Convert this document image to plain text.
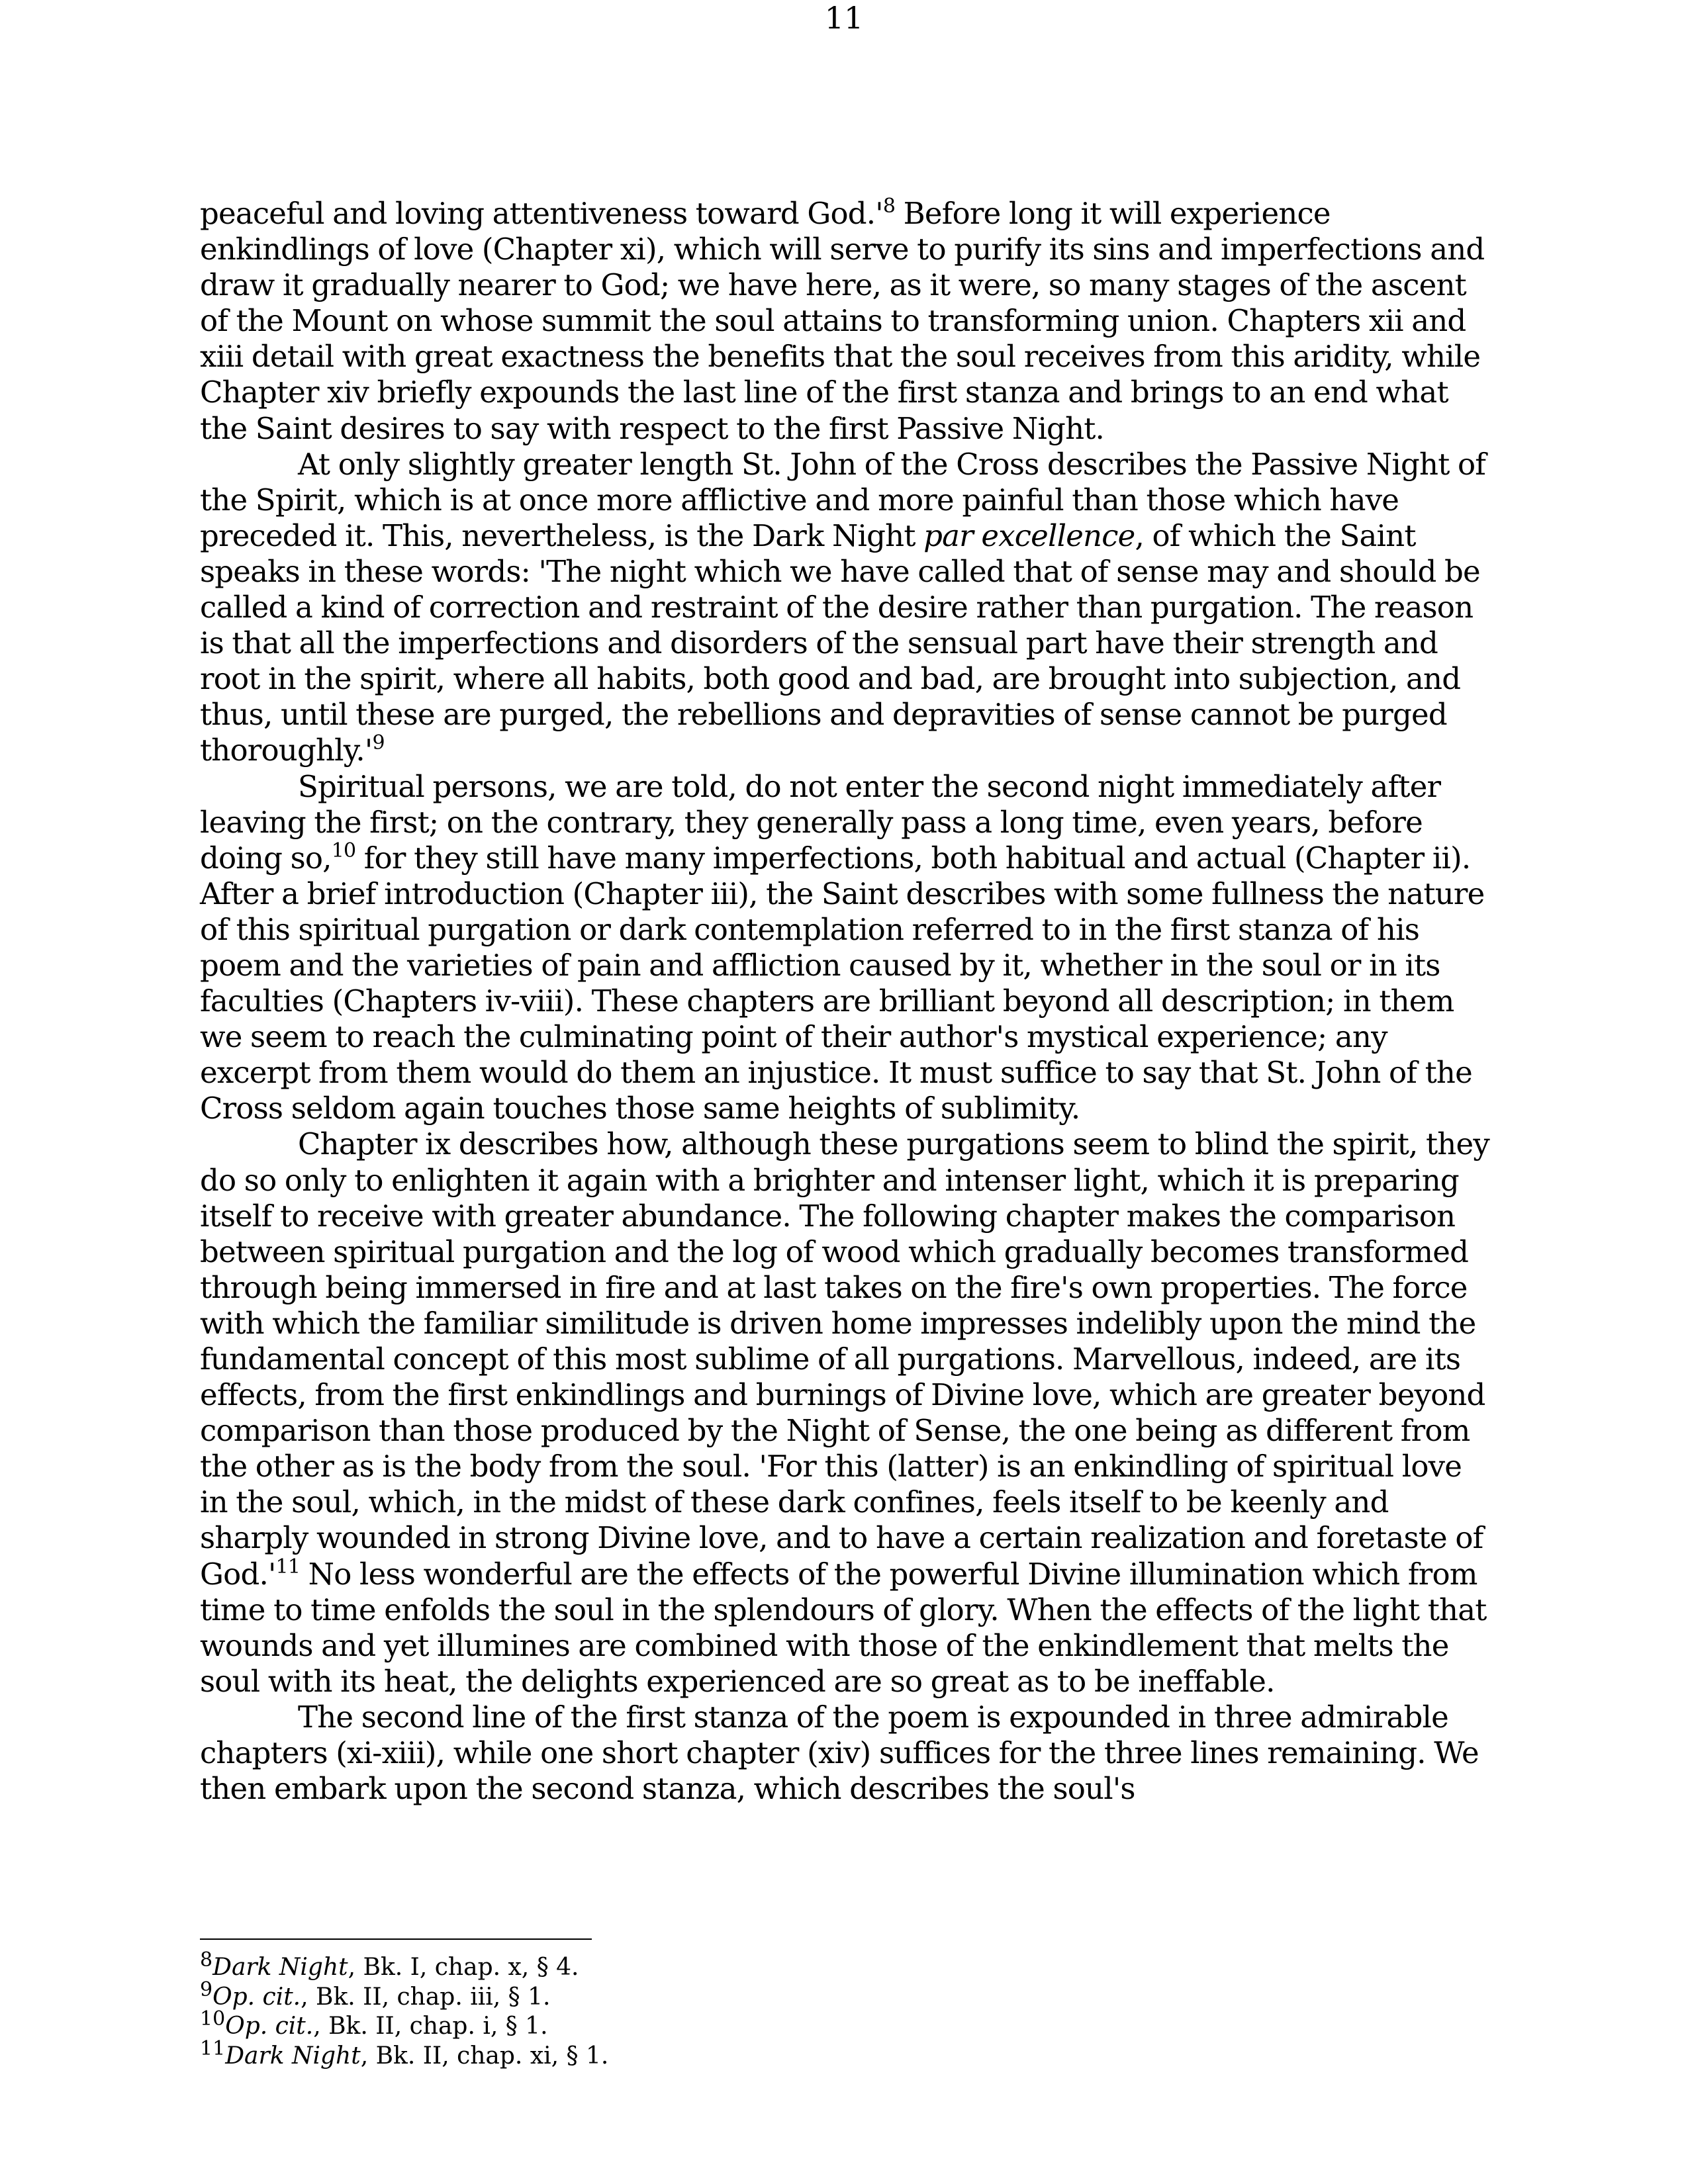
11

peaceful and loving attentiveness toward $God.'^8$ Before long it will experience enkindlings of love (Chapter xi), which will serve to purify its sins and imperfections and draw it gradually nearer to God; we have here, as it were, so many stages of the ascent of the Mount on whose summit the soul attains to transforming union. Chapters xii and xiii detail with great exactness the benefits that the soul receives from this aridity, while Chapter xiv briefly expounds the last line of the first stanza and brings to an end what the Saint desires to say with respect to the first Passive Night.

At only slightly greater length St. John of the Cross describes the Passive Night of the Spirit, which is at once more afflictive and more painful than those which have preceded it. This, nevertheless, is the Dark Night par excellence, of which the Saint speaks in these words: 'The night which we have called that of sense may and should be called a kind of correction and restraint of the desire rather than purgation. The reason is that all the imperfections and disorders of the sensual part have their strength and root in the spirit, where all habits, both good and bad, are brought into subjection, and thus, until these are purged, the rebellions and depravities of sense cannot be purged $thoroughly.'^9$

Spiritual persons, we are told, do not enter the second night immediately after leaving the first; on the contrary, they generally pass a long time, even years, before doing so,$^{10}$ for they still have many imperfections, both habitual and actual (Chapter ii). After a brief introduction (Chapter iii), the Saint describes with some fullness the nature of this spiritual purgation or dark contemplation referred to in the first stanza of his poem and the varieties of pain and affliction caused by it, whether in the soul or in its faculties (Chapters iv-viii). These chapters are brilliant beyond all description; in them we seem to reach the culminating point of their author's mystical experience; any excerpt from them would do them an injustice. It must suffice to say that St. John of the Cross seldom again touches those same heights of sublimity.

Chapter ix describes how, although these purgations seem to blind the spirit, they do so only to enlighten it again with a brighter and intenser light, which it is preparing itself to receive with greater abundance. The following chapter makes the comparison between spiritual purgation and the log of wood which gradually becomes transformed through being immersed in fire and at last takes on the fire's own properties. The force with which the familiar similitude is driven home impresses indelibly upon the mind the fundamental concept of this most sublime of all purgations. Marvellous, indeed, are its effects, from the first enkindlings and burnings of Divine love, which are greater beyond comparison than those produced by the Night of Sense, the one being as different from the other as is the body from the soul. 'For this (latter) is an enkindling of spiritual love in the soul, which, in the midst of these dark confines, feels itself to be keenly and sharply wounded in strong Divine love, and to have a certain realization and foretaste of $God.'^{11}$ No less wonderful are the effects of the powerful Divine illumination which from time to time enfolds the soul in the splendours of glory. When the effects of the light that wounds and yet illumines are combined with those of the enkindlement that melts the soul with its heat, the delights experienced are so great as to be ineffable.

The second line of the first stanza of the poem is expounded in three admirable chapters (xi-xiii), while one short chapter (xiv) suffices for the three lines remaining. We then embark upon the second stanza, which describes the soul's

$^8$Dark Night, Bk. I, chap. x, § 4.
$^9$Op. cit., Bk. II, chap. iii, § 1.
$^{10}$Op. cit., Bk. II, chap. i, § 1.
$^{11}$Dark Night, Bk. II, chap. xi, § 1.
